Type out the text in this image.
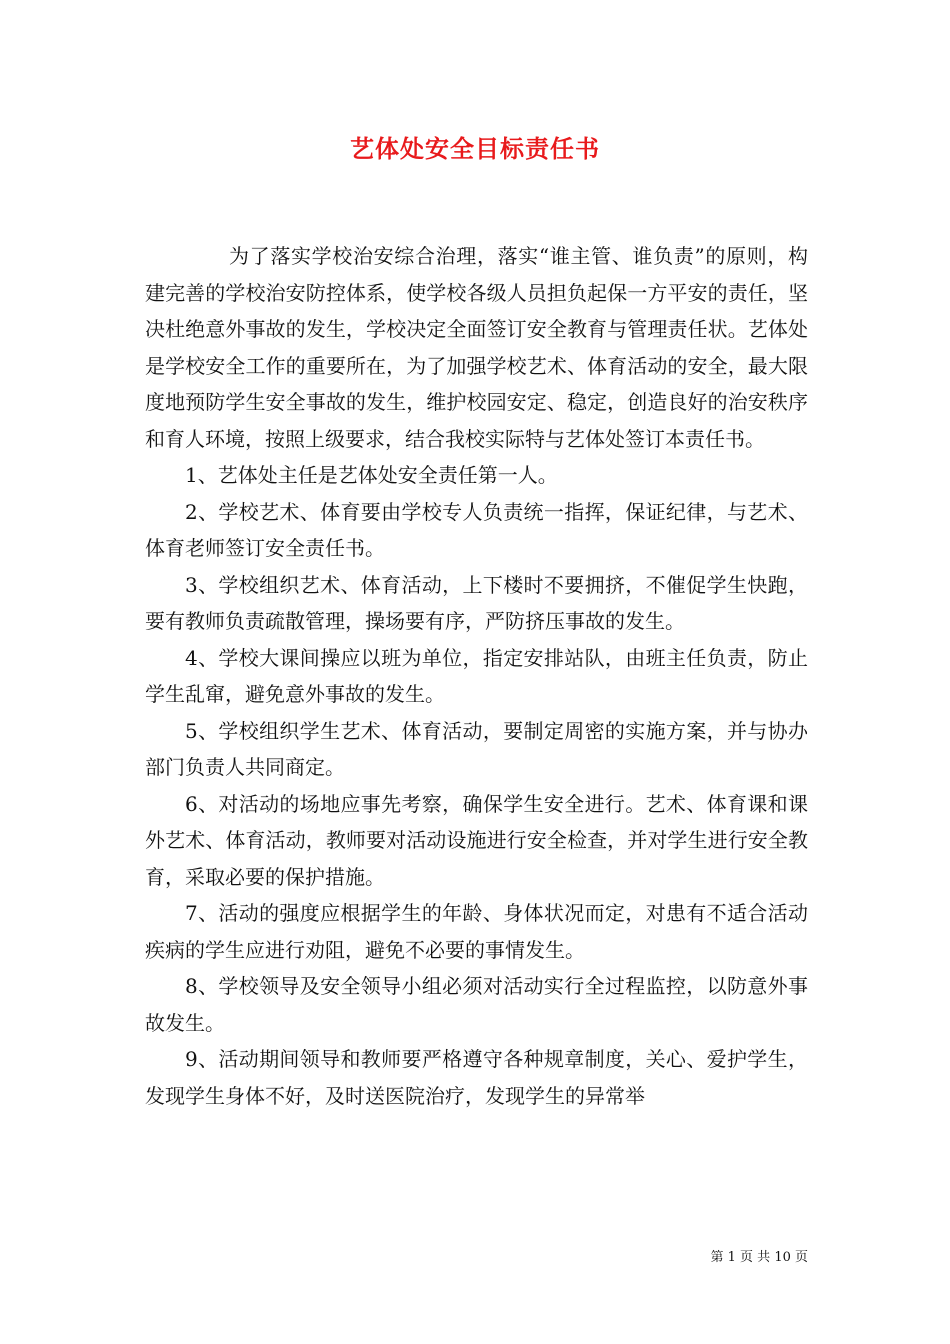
艺体处安全目标责任书

为了落实学校治安综合治理，落实“谁主管、谁负责”的原则，构建完善的学校治安防控体系，使学校各级人员担负起保一方平安的责任，坚决杜绝意外事故的发生，学校决定全面签订安全教育与管理责任状。艺体处是学校安全工作的重要所在，为了加强学校艺术、体育活动的安全，最大限度地预防学生安全事故的发生，维护校园安定、稳定，创造良好的治安秩序和育人环境，按照上级要求，结合我校实际特与艺体处签订本责任书。

1、艺体处主任是艺体处安全责任第一人。

2、学校艺术、体育要由学校专人负责统一指挥，保证纪律，与艺术、体育老师签订安全责任书。

3、学校组织艺术、体育活动，上下楼时不要拥挤，不催促学生快跑，要有教师负责疏散管理，操场要有序，严防挤压事故的发生。

4、学校大课间操应以班为单位，指定安排站队，由班主任负责，防止学生乱窜，避免意外事故的发生。

5、学校组织学生艺术、体育活动，要制定周密的实施方案，并与协办部门负责人共同商定。

6、对活动的场地应事先考察，确保学生安全进行。艺术、体育课和课外艺术、体育活动，教师要对活动设施进行安全检查，并对学生进行安全教育，采取必要的保护措施。

7、活动的强度应根据学生的年龄、身体状况而定，对患有不适合活动疾病的学生应进行劝阻，避免不必要的事情发生。

8、学校领导及安全领导小组必须对活动实行全过程监控，以防意外事故发生。

9、活动期间领导和教师要严格遵守各种规章制度，关心、爱护学生，发现学生身体不好，及时送医院治疗，发现学生的异常举

第 1 页 共 10 页
